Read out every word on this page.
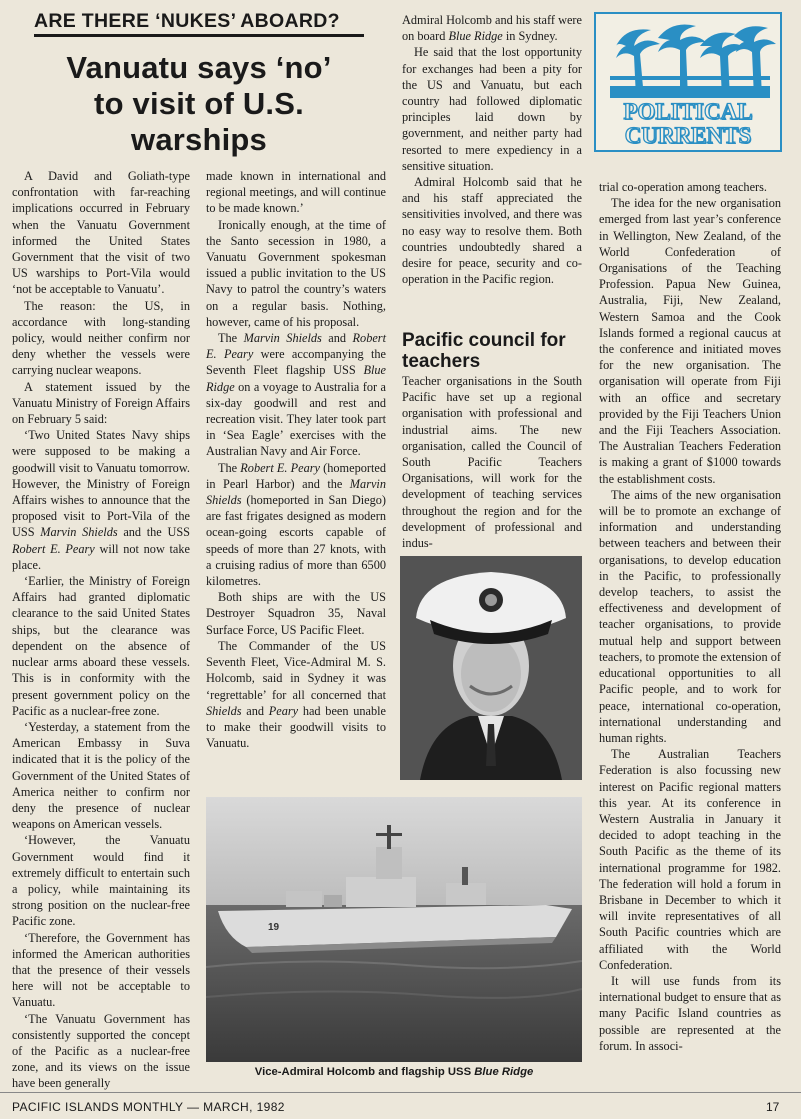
ARE THERE ‘NUKES’ ABOARD?
Vanuatu says ‘no’
to visit of U.S.
warships

A David and Goliath-type confrontation with far-reaching implications occurred in February when the Vanuatu Government informed the United States Government that the visit of two US warships to Port-Vila would ‘not be acceptable to Vanuatu’.

The reason: the US, in accordance with long-standing policy, would neither confirm nor deny whether the vessels were carrying nuclear weapons.

A statement issued by the Vanuatu Ministry of Foreign Affairs on February 5 said:

‘Two United States Navy ships were supposed to be making a goodwill visit to Vanuatu tomorrow. However, the Ministry of Foreign Affairs wishes to announce that the proposed visit to Port-Vila of the USS Marvin Shields and the USS Robert E. Peary will not now take place.

‘Earlier, the Ministry of Foreign Affairs had granted diplomatic clearance to the said United States ships, but the clearance was dependent on the absence of nuclear arms aboard these vessels. This is in conformity with the present government policy on the Pacific as a nuclear-free zone.

‘Yesterday, a statement from the American Embassy in Suva indicated that it is the policy of the Government of the United States of America neither to confirm nor deny the presence of nuclear weapons on American vessels.

‘However, the Vanuatu Government would find it extremely difficult to entertain such a policy, while maintaining its strong position on the nuclear-free Pacific zone.

‘Therefore, the Government has informed the American authorities that the presence of their vessels here will not be acceptable to Vanuatu.

‘The Vanuatu Government has consistently supported the concept of the Pacific as a nuclear-free zone, and its views on the issue have been generally

made known in international and regional meetings, and will continue to be made known.’

Ironically enough, at the time of the Santo secession in 1980, a Vanuatu Government spokesman issued a public invitation to the US Navy to patrol the country’s waters on a regular basis. Nothing, however, came of his proposal.

The Marvin Shields and Robert E. Peary were accompanying the Seventh Fleet flagship USS Blue Ridge on a voyage to Australia for a six-day goodwill and rest and recreation visit. They later took part in ‘Sea Eagle’ exercises with the Australian Navy and Air Force.

The Robert E. Peary (homeported in Pearl Harbor) and the Marvin Shields (homeported in San Diego) are fast frigates designed as modern ocean-going escorts capable of speeds of more than 27 knots, with a cruising radius of more than 6500 kilometres.

Both ships are with the US Destroyer Squadron 35, Naval Surface Force, US Pacific Fleet.

The Commander of the US Seventh Fleet, Vice-Admiral M. S. Holcomb, said in Sydney it was ‘regrettable’ for all concerned that Shields and Peary had been unable to make their goodwill visits to Vanuatu.

Admiral Holcomb and his staff were on board Blue Ridge in Sydney.

He said that the lost opportunity for exchanges had been a pity for the US and Vanuatu, but each country had followed diplomatic principles laid down by government, and neither party had resorted to mere expediency in a sensitive situation.

Admiral Holcomb said that he and his staff appreciated the sensitivities involved, and there was no easy way to resolve them. Both countries undoubtedly shared a desire for peace, security and co-operation in the Pacific region.

Pacific council for teachers

Teacher organisations in the South Pacific have set up a regional organisation with professional and industrial aims. The new organisation, called the Council of South Pacific Teachers Organisations, will work for the development of teaching services throughout the region and for the development of professional and indus-

POLITICAL
CURRENTS

trial co-operation among teachers.

The idea for the new organisation emerged from last year’s conference in Wellington, New Zealand, of the World Confederation of Organisations of the Teaching Profession. Papua New Guinea, Australia, Fiji, New Zealand, Western Samoa and the Cook Islands formed a regional caucus at the conference and initiated moves for the new organisation. The organisation will operate from Fiji with an office and secretary provided by the Fiji Teachers Union and the Fiji Teachers Association. The Australian Teachers Federation is making a grant of $1000 towards the establishment costs.

The aims of the new organisation will be to promote an exchange of information and understanding between teachers and between their organisations, to develop education in the Pacific, to professionally develop teachers, to assist the effectiveness and development of teacher organisations, to provide mutual help and support between teachers, to promote the extension of educational opportunities to all Pacific people, and to work for peace, international co-operation, international understanding and human rights.

The Australian Teachers Federation is also focussing new interest on Pacific regional matters this year. At its conference in Western Australia in January it decided to adopt teaching in the South Pacific as the theme of its international programme for 1982. The federation will hold a forum in Brisbane in December to which it will invite representatives of all South Pacific countries which are affiliated with the World Confederation.

It will use funds from its international budget to ensure that as many Pacific Island countries as possible are represented at the forum. In associ-

19
Vice-Admiral Holcomb and flagship USS Blue Ridge
PACIFIC ISLANDS MONTHLY — MARCH, 1982	17
